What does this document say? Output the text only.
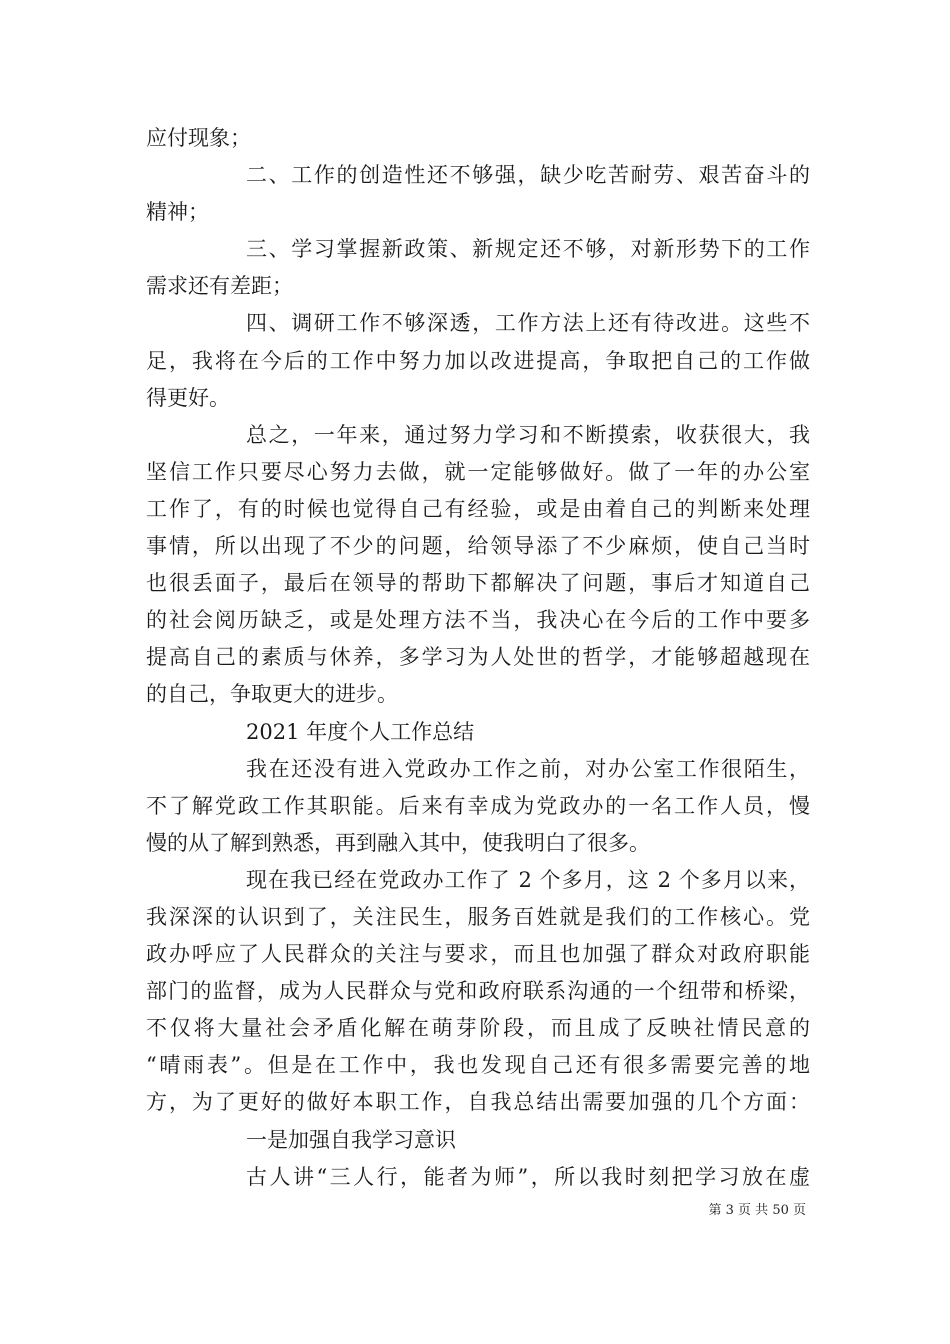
应付现象；
二、工作的创造性还不够强，缺少吃苦耐劳、艰苦奋斗的
精神；
三、学习掌握新政策、新规定还不够，对新形势下的工作
需求还有差距；
四、调研工作不够深透，工作方法上还有待改进。这些不
足，我将在今后的工作中努力加以改进提高，争取把自己的工作做
得更好。
总之，一年来，通过努力学习和不断摸索，收获很大，我
坚信工作只要尽心努力去做，就一定能够做好。做了一年的办公室
工作了，有的时候也觉得自己有经验，或是由着自己的判断来处理
事情，所以出现了不少的问题，给领导添了不少麻烦，使自己当时
也很丢面子，最后在领导的帮助下都解决了问题，事后才知道自己
的社会阅历缺乏，或是处理方法不当，我决心在今后的工作中要多
提高自己的素质与休养，多学习为人处世的哲学，才能够超越现在
的自己，争取更大的进步。
2021 年度个人工作总结
我在还没有进入党政办工作之前，对办公室工作很陌生，
不了解党政工作其职能。后来有幸成为党政办的一名工作人员，慢
慢的从了解到熟悉，再到融入其中，使我明白了很多。
现在我已经在党政办工作了 2 个多月，这 2 个多月以来，
我深深的认识到了，关注民生，服务百姓就是我们的工作核心。党
政办呼应了人民群众的关注与要求，而且也加强了群众对政府职能
部门的监督，成为人民群众与党和政府联系沟通的一个纽带和桥梁，
不仅将大量社会矛盾化解在萌芽阶段，而且成了反映社情民意的
“晴雨表”。但是在工作中，我也发现自己还有很多需要完善的地
方，为了更好的做好本职工作，自我总结出需要加强的几个方面：
一是加强自我学习意识
古人讲“三人行，能者为师”，所以我时刻把学习放在虚
第 3 页 共 50 页
